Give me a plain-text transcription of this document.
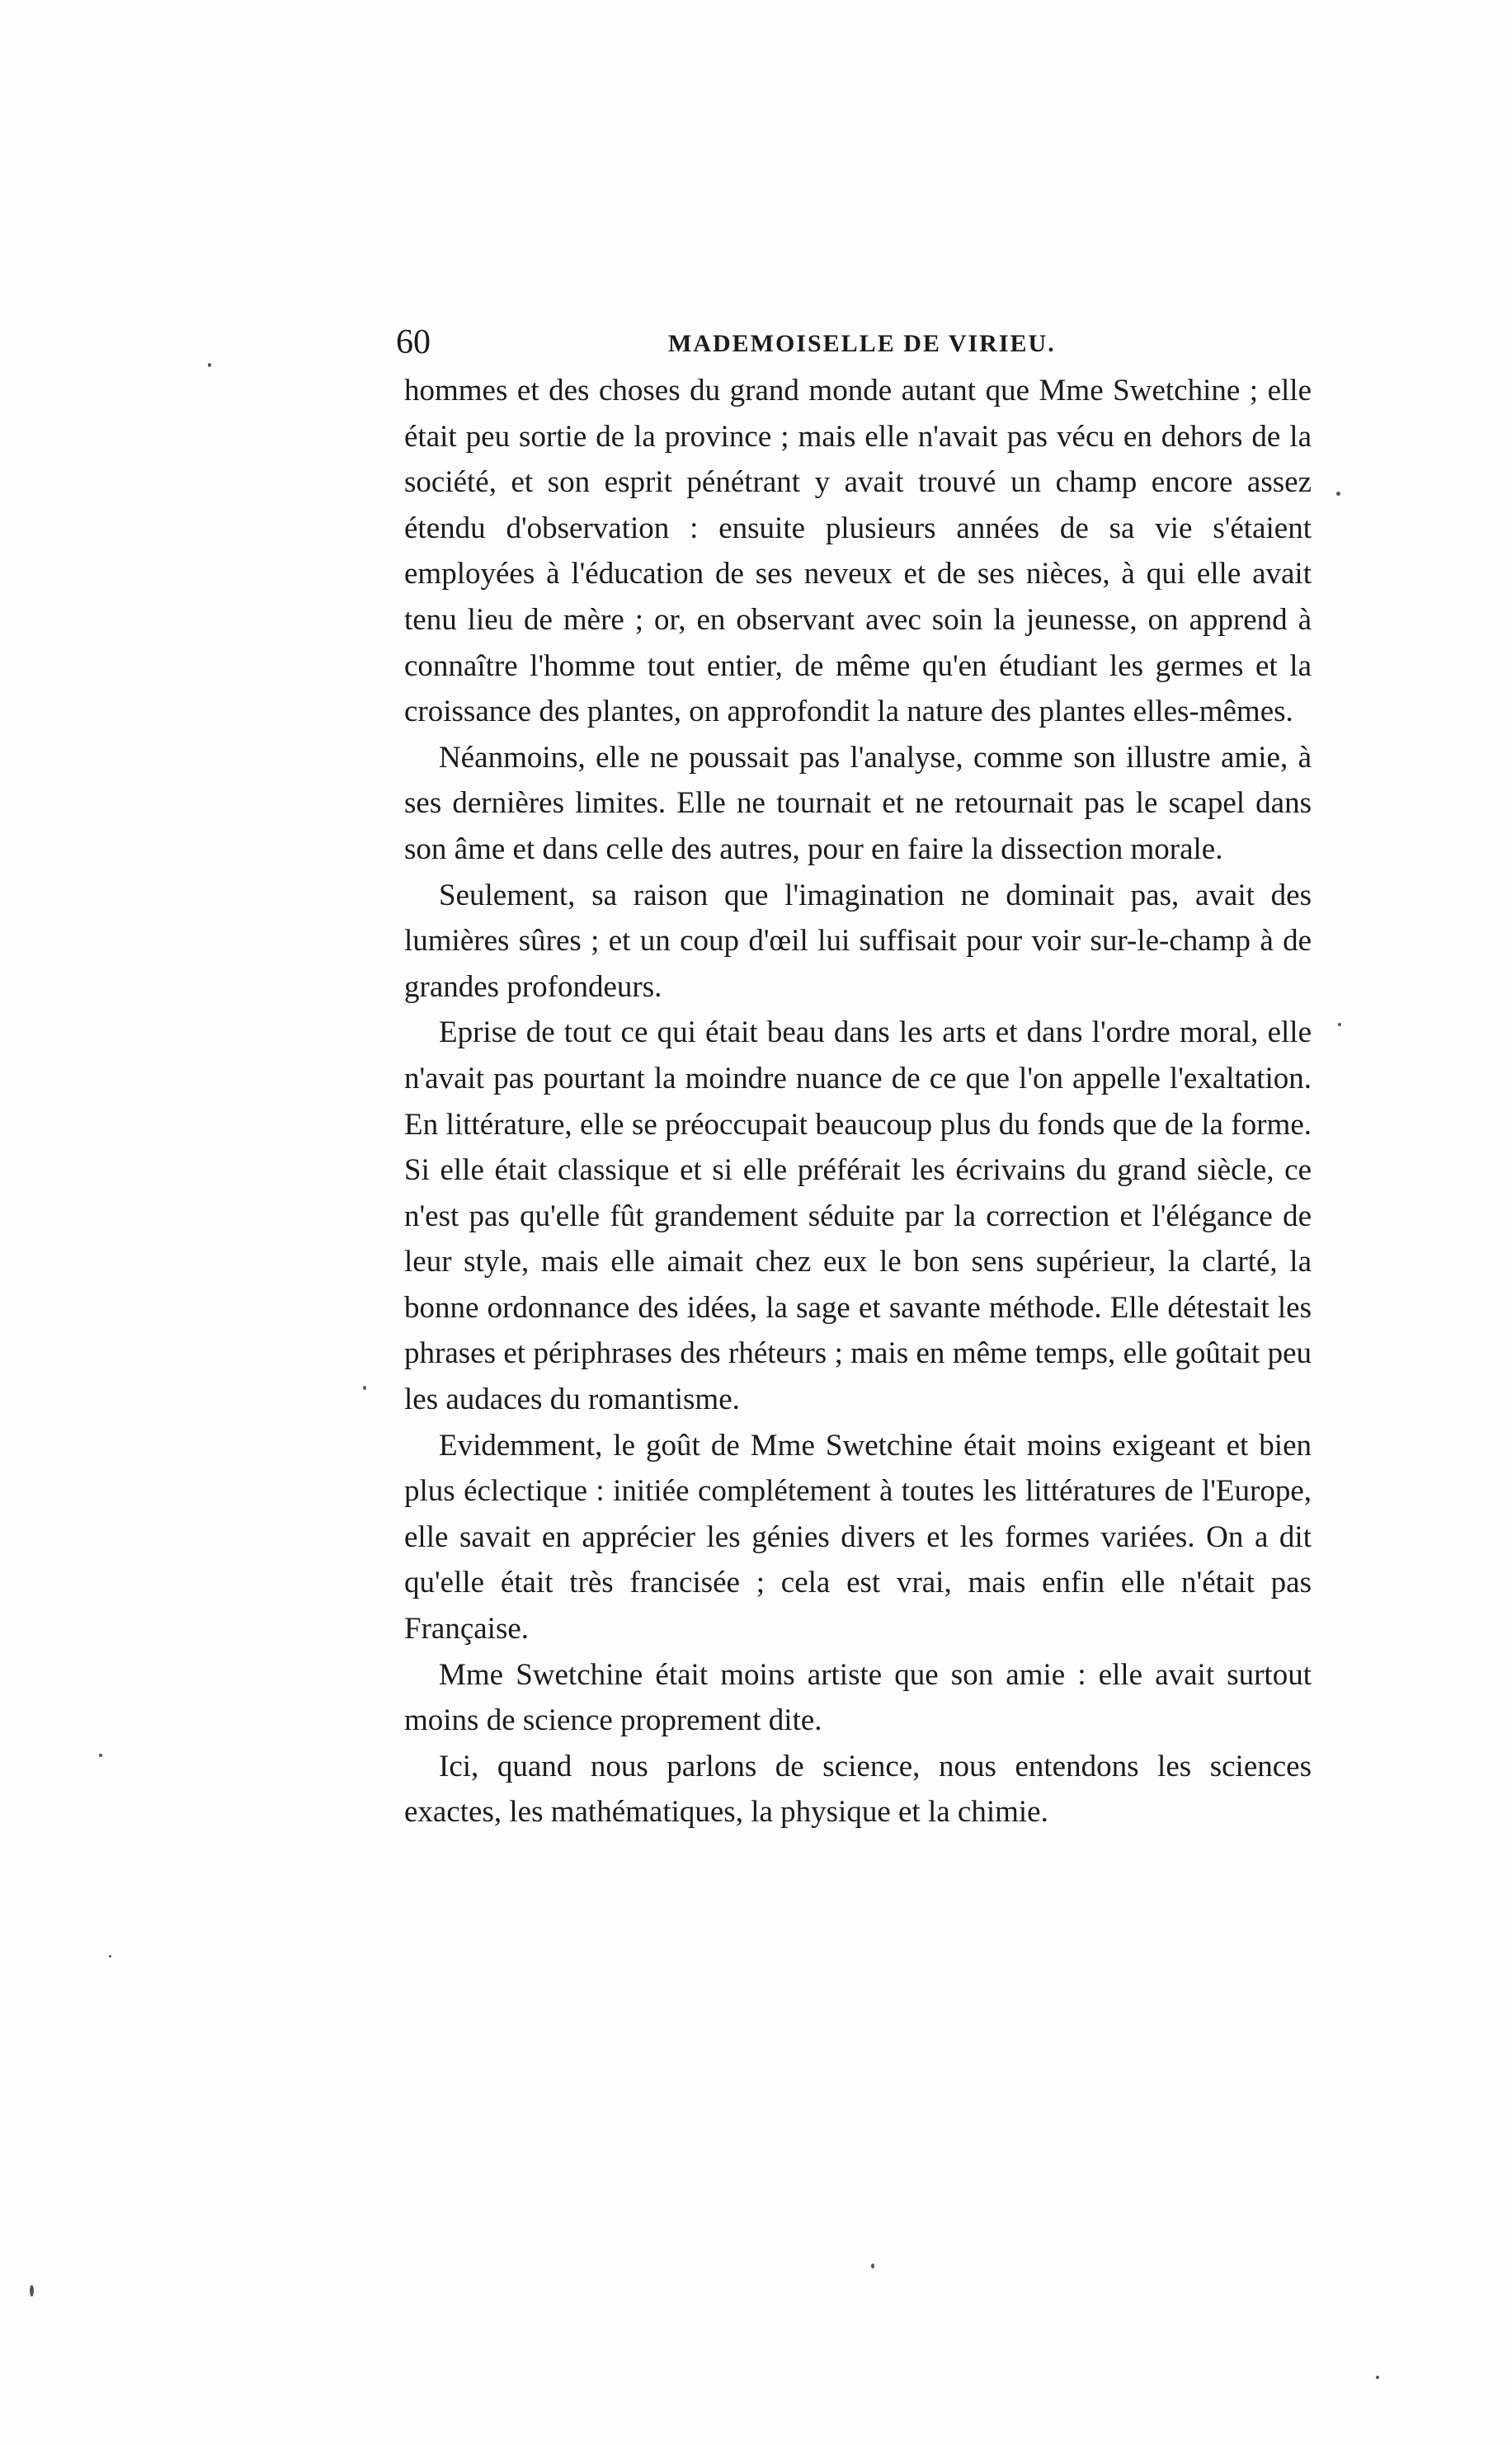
60	MADEMOISELLE DE VIRIEU.

hommes et des choses du grand monde autant que Mme Swetchine ; elle était peu sortie de la province ; mais elle n'avait pas vécu en dehors de la société, et son esprit pénétrant y avait trouvé un champ encore assez étendu d'observation : ensuite plusieurs années de sa vie s'étaient employées à l'éducation de ses neveux et de ses nièces, à qui elle avait tenu lieu de mère ; or, en observant avec soin la jeunesse, on apprend à connaître l'homme tout entier, de même qu'en étudiant les germes et la croissance des plantes, on approfondit la nature des plantes elles-mêmes.

Néanmoins, elle ne poussait pas l'analyse, comme son illustre amie, à ses dernières limites. Elle ne tournait et ne retournait pas le scapel dans son âme et dans celle des autres, pour en faire la dissection morale.

Seulement, sa raison que l'imagination ne dominait pas, avait des lumières sûres ; et un coup d'œil lui suffisait pour voir sur-le-champ à de grandes profondeurs.

Eprise de tout ce qui était beau dans les arts et dans l'ordre moral, elle n'avait pas pourtant la moindre nuance de ce que l'on appelle l'exaltation. En littérature, elle se préoccupait beaucoup plus du fonds que de la forme. Si elle était classique et si elle préférait les écrivains du grand siècle, ce n'est pas qu'elle fût grandement séduite par la correction et l'élégance de leur style, mais elle aimait chez eux le bon sens supérieur, la clarté, la bonne ordonnance des idées, la sage et savante méthode. Elle détestait les phrases et périphrases des rhéteurs ; mais en même temps, elle goûtait peu les audaces du romantisme.

Evidemment, le goût de Mme Swetchine était moins exigeant et bien plus éclectique : initiée complétement à toutes les littératures de l'Europe, elle savait en apprécier les génies divers et les formes variées. On a dit qu'elle était très francisée ; cela est vrai, mais enfin elle n'était pas Française.

Mme Swetchine était moins artiste que son amie : elle avait surtout moins de science proprement dite.

Ici, quand nous parlons de science, nous entendons les sciences exactes, les mathématiques, la physique et la chimie.
